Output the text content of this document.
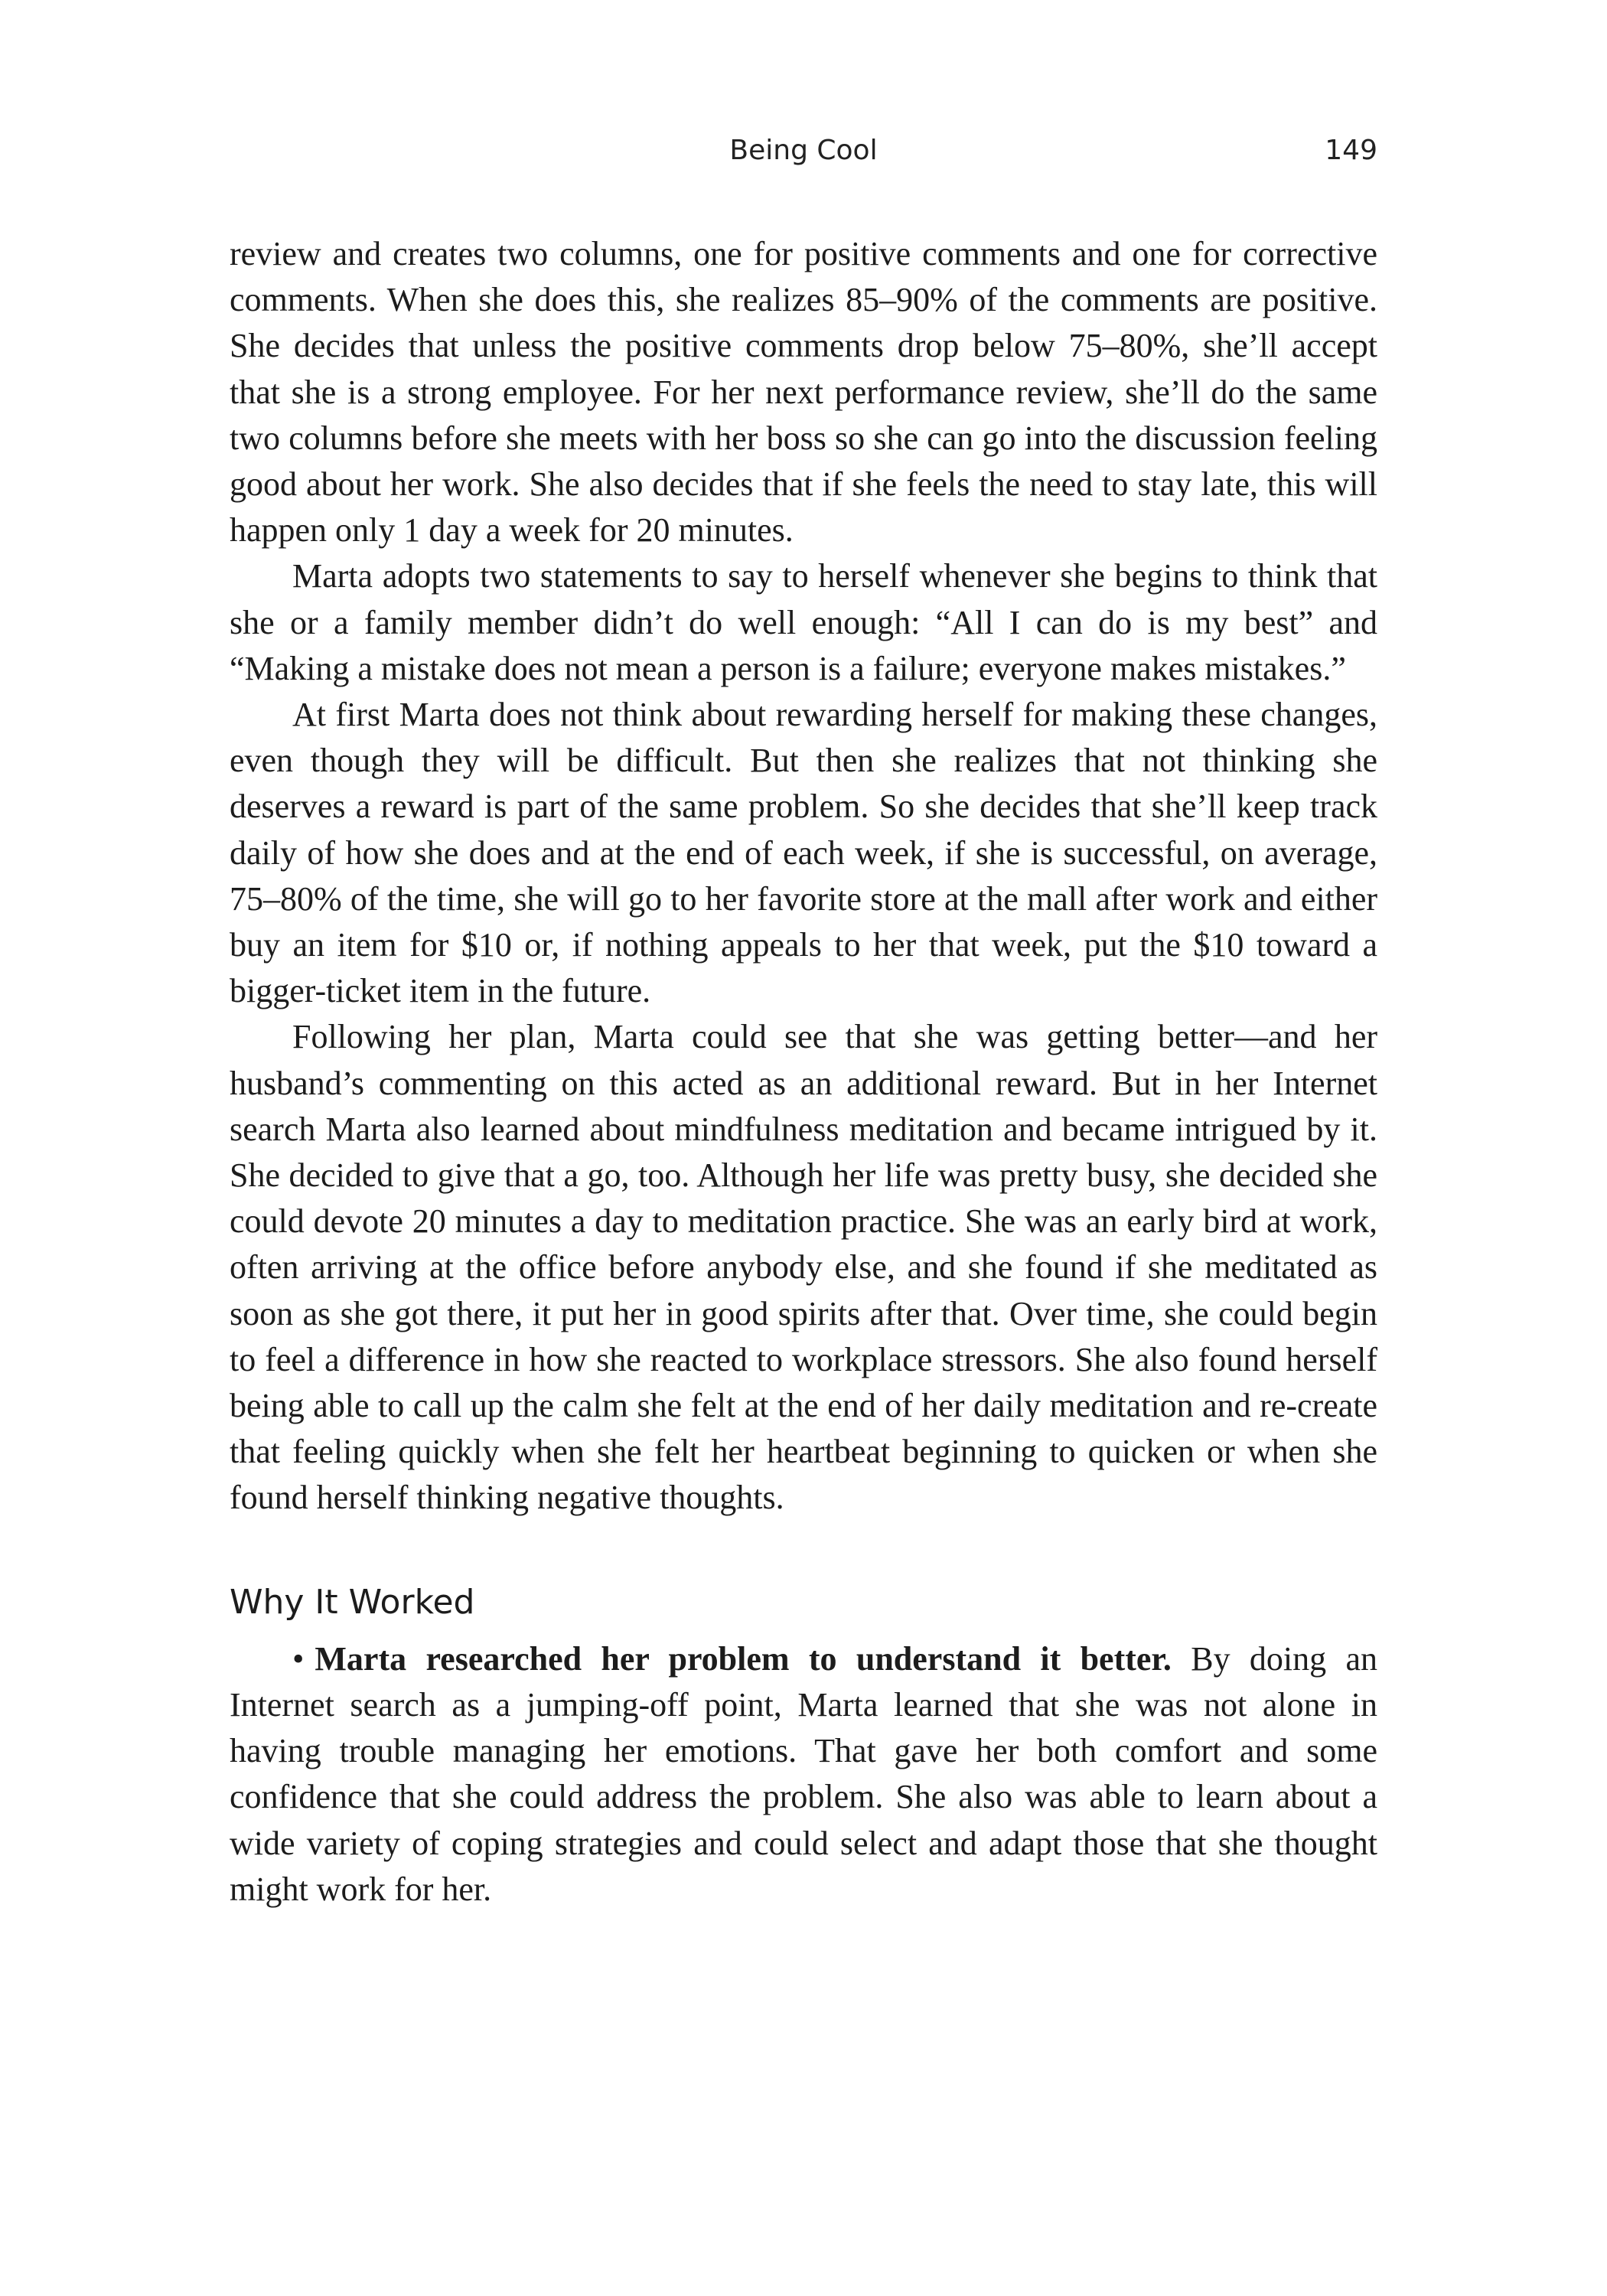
Being Cool	149

review and creates two columns, one for positive comments and one for corrective comments. When she does this, she realizes 85–90% of the comments are positive. She decides that unless the positive comments drop below 75–80%, she’ll accept that she is a strong employee. For her next performance review, she’ll do the same two columns before she meets with her boss so she can go into the discussion feeling good about her work. She also decides that if she feels the need to stay late, this will happen only 1 day a week for 20 minutes.

Marta adopts two statements to say to herself whenever she begins to think that she or a family member didn’t do well enough: “All I can do is my best” and “Making a mistake does not mean a person is a failure; everyone makes mistakes.”

At first Marta does not think about rewarding herself for making these changes, even though they will be difficult. But then she realizes that not thinking she deserves a reward is part of the same problem. So she decides that she’ll keep track daily of how she does and at the end of each week, if she is successful, on average, 75–80% of the time, she will go to her favorite store at the mall after work and either buy an item for $10 or, if nothing appeals to her that week, put the $10 toward a bigger-ticket item in the future.

Following her plan, Marta could see that she was getting better—and her husband’s commenting on this acted as an additional reward. But in her Internet search Marta also learned about mindfulness meditation and became intrigued by it. She decided to give that a go, too. Although her life was pretty busy, she decided she could devote 20 minutes a day to meditation practice. She was an early bird at work, often arriving at the office before anybody else, and she found if she meditated as soon as she got there, it put her in good spirits after that. Over time, she could begin to feel a difference in how she reacted to workplace stressors. She also found herself being able to call up the calm she felt at the end of her daily meditation and re-create that feeling quickly when she felt her heartbeat beginning to quicken or when she found herself thinking negative thoughts.

Why It Worked

• Marta researched her problem to understand it better. By doing an Internet search as a jumping-off point, Marta learned that she was not alone in having trouble managing her emotions. That gave her both comfort and some confidence that she could address the problem. She also was able to learn about a wide variety of coping strategies and could select and adapt those that she thought might work for her.
